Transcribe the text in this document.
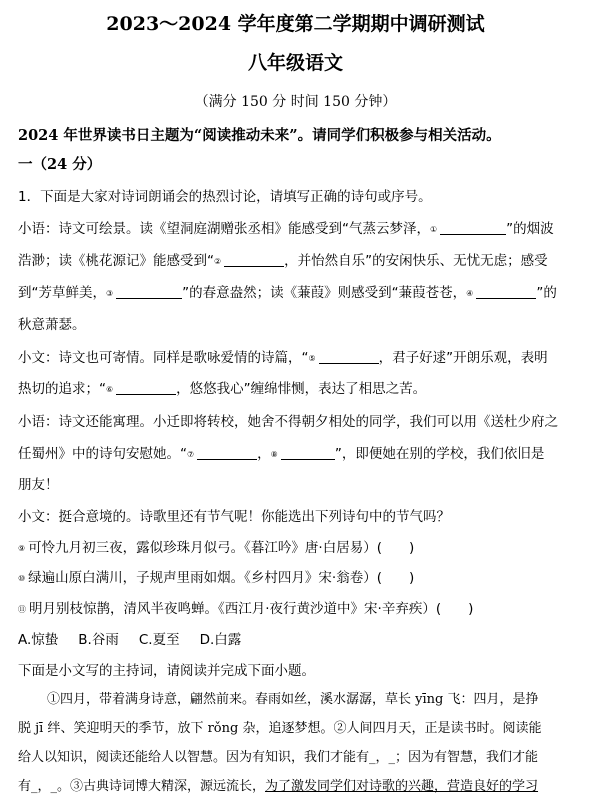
2023～2024 学年度第二学期期中调研测试
八年级语文
（满分 150 分 时间 150 分钟）
2024 年世界读书日主题为“阅读推动未来”。请同学们积极参与相关活动。
一（24 分）
1．下面是大家对诗词朗诵会的热烈讨论，请填写正确的诗句或序号。
小语：诗文可绘景。读《望洞庭湖赠张丞相》能感受到“气蒸云梦泽，①	”的烟波
浩渺；读《桃花源记》能感受到“②	，并怡然自乐”的安闲快乐、无忧无虑；感受
到“芳草鲜美，③	”的春意盎然；读《蒹葭》则感受到“蒹葭苍苍，④	”的
秋意萧瑟。
小文：诗文也可寄情。同样是歌咏爱情的诗篇，“⑤	，君子好逑”开朗乐观，表明
热切的追求；“⑥	，悠悠我心”缠绵悱恻，表达了相思之苦。
小语：诗文还能寓理。小迁即将转校，她舍不得朝夕相处的同学，我们可以用《送杜少府之
任蜀州》中的诗句安慰她。“⑦	，⑧	”，即便她在别的学校，我们依旧是
朋友！
小文：挺合意境的。诗歌里还有节气呢！你能选出下列诗句中的节气吗？
⑨ 可怜九月初三夜，露似珍珠月似弓。《暮江吟》唐·白居易）(　　)
⑩ 绿遍山原白满川，子规声里雨如烟。《乡村四月》宋·翁卷）(　　)
⑪ 明月别枝惊鹊，清风半夜鸣蝉。《西江月·夜行黄沙道中》宋·辛弃疾）(　　)
A.惊蛰 B.谷雨 C.夏至 D.白露
下面是小文写的主持词，请阅读并完成下面小题。
①四月，带着满身诗意，翩然前来。春雨如丝，溪水潺潺，草长 yīng 飞：四月，是挣
脱 jī 绊、笑迎明天的季节，放下 rǒng 杂，追逐梦想。②人间四月天，正是读书时。阅读能
给人以知识，阅读还能给人以智慧。因为有知识，我们才能有_，_；因为有智慧，我们才能
有_，_。③古典诗词博大精深，源远流长，为了激发同学们对诗歌的兴趣，营造良好的学习
